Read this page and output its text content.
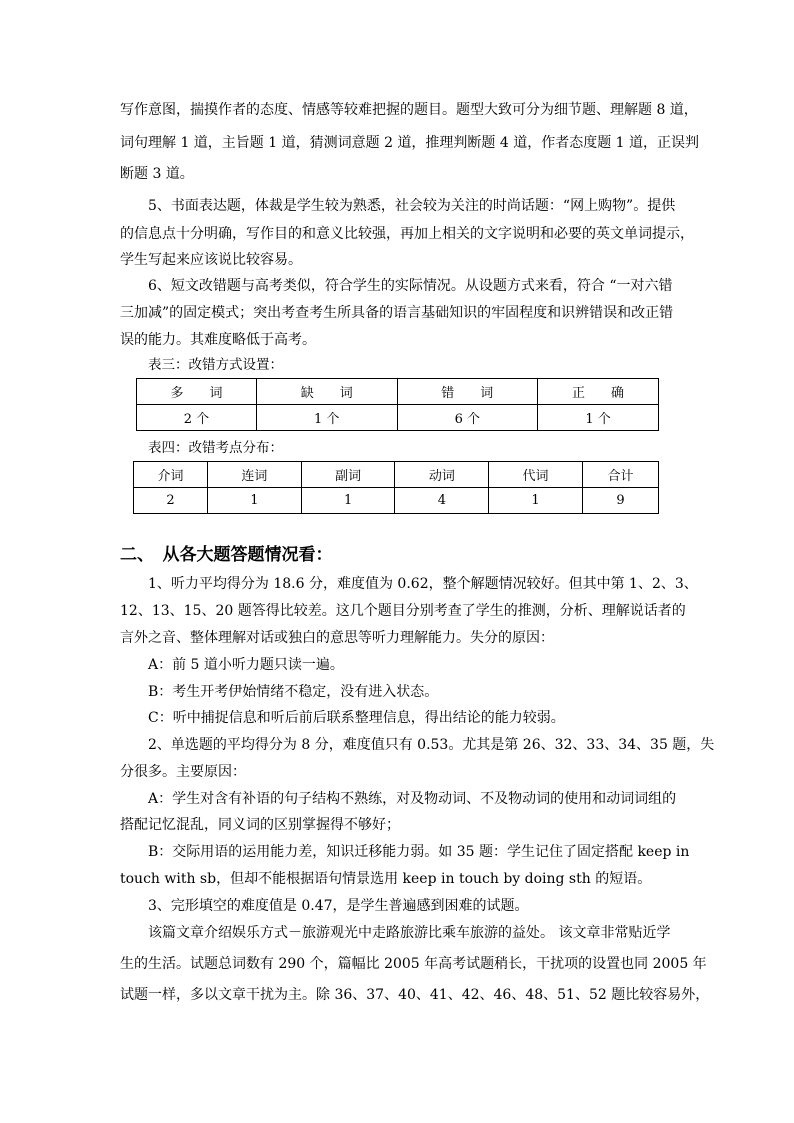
写作意图，揣摸作者的态度、情感等较难把握的题目。题型大致可分为细节题、理解题 8 道，
词句理解 1 道，主旨题 1 道，猜测词意题 2 道，推理判断题 4 道，作者态度题 1 道，正误判
断题 3 道。
5、书面表达题，体裁是学生较为熟悉，社会较为关注的时尚话题：“网上购物”。提供
的信息点十分明确，写作目的和意义比较强，再加上相关的文字说明和必要的英文单词提示，
学生写起来应该说比较容易。
6、短文改错题与高考类似，符合学生的实际情况。从设题方式来看，符合 “一对六错
三加减”的固定模式；突出考查考生所具备的语言基础知识的牢固程度和识辨错误和改正错
误的能力。其难度略低于高考。
表三：改错方式设置：
多　　词	缺　　词	错　　词	正　　确
2 个	1 个	6 个	1 个
表四：改错考点分布：
介词	连词	副词	动词	代词	合计
2	1	1	4	1	9
二、　从各大题答题情况看：
1、听力平均得分为 18.6 分，难度值为 0.62，整个解题情况较好。但其中第 1、2、3、
12、13、15、20 题答得比较差。这几个题目分别考查了学生的推测，分析、理解说话者的
言外之音、整体理解对话或独白的意思等听力理解能力。失分的原因：
A：前 5 道小听力题只读一遍。
B：考生开考伊始情绪不稳定，没有进入状态。
C：听中捕捉信息和听后前后联系整理信息，得出结论的能力较弱。
2、单选题的平均得分为 8 分，难度值只有 0.53。尤其是第 26、32、33、34、35 题，失
分很多。主要原因：
A：学生对含有补语的句子结构不熟练，对及物动词、不及物动词的使用和动词词组的
搭配记忆混乱，同义词的区别掌握得不够好；
B：交际用语的运用能力差，知识迁移能力弱。如 35 题：学生记住了固定搭配 keep in
touch with sb，但却不能根据语句情景选用 keep in touch by doing sth 的短语。
3、完形填空的难度值是 0.47，是学生普遍感到困难的试题。
该篇文章介绍娱乐方式－旅游观光中走路旅游比乘车旅游的益处。 该文章非常贴近学
生的生活。试题总词数有 290 个，篇幅比 2005 年高考试题稍长，干扰项的设置也同 2005 年
试题一样，多以文章干扰为主。除 36、37、40、41、42、46、48、51、52 题比较容易外，
